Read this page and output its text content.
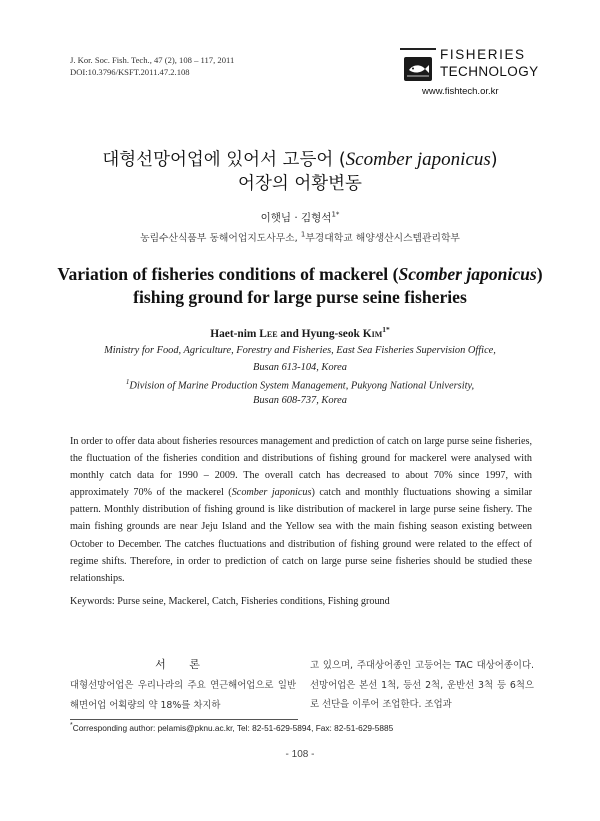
J. Kor. Soc. Fish. Tech., 47 (2), 108 – 117, 2011
DOI:10.3796/KSFT.2011.47.2.108
FISHERIES
TECHNOLOGY
www.fishtech.or.kr
대형선망어업에 있어서 고등어 (Scomber japonicus)
어장의 어황변동
이햇님 · 김형석$^{1*}$
농림수산식품부 동해어업지도사무소, $^1$부경대학교 해양생산시스템관리학부
Variation of fisheries conditions of mackerel (Scomber japonicus)
fishing ground for large purse seine fisheries
Haet-nim Lee and Hyung-seok Kim$^{1*}$
Ministry for Food, Agriculture, Forestry and Fisheries, East Sea Fisheries Supervision Office,
Busan 613-104, Korea
$^1$Division of Marine Production System Management, Pukyong National University,
Busan 608-737, Korea
In order to offer data about fisheries resources management and prediction of catch on large purse seine fisheries, the fluctuation of the fisheries condition and distributions of fishing ground for mackerel were analysed with monthly catch data for 1990 – 2009. The overall catch has decreased to about 70% since 1997, with approximately 70% of the mackerel (Scomber japonicus) catch and monthly fluctuations showing a similar pattern. Monthly distribution of fishing ground is like distribution of mackerel in large purse seine fishery. The main fishing grounds are near Jeju Island and the Yellow sea with the main fishing season existing between October to December. The catches fluctuations and distribution of fishing ground were related to the effect of regime shifts. Therefore, in order to prediction of catch on large purse seine fisheries should be studied these relationships.
Keywords: Purse seine, Mackerel, Catch, Fisheries conditions, Fishing ground
서 론
대형선망어업은 우리나라의 주요 연근해어업으로 일반해면어업 어획량의 약 18%를 차지하
고 있으며, 주대상어종인 고등어는 TAC 대상어종이다. 선망어업은 본선 1척, 등선 2척, 운반선 3척 등 6척으로 선단을 이루어 조업한다. 조업과
*Corresponding author: pelamis@pknu.ac.kr, Tel: 82-51-629-5894, Fax: 82-51-629-5885
- 108 -
